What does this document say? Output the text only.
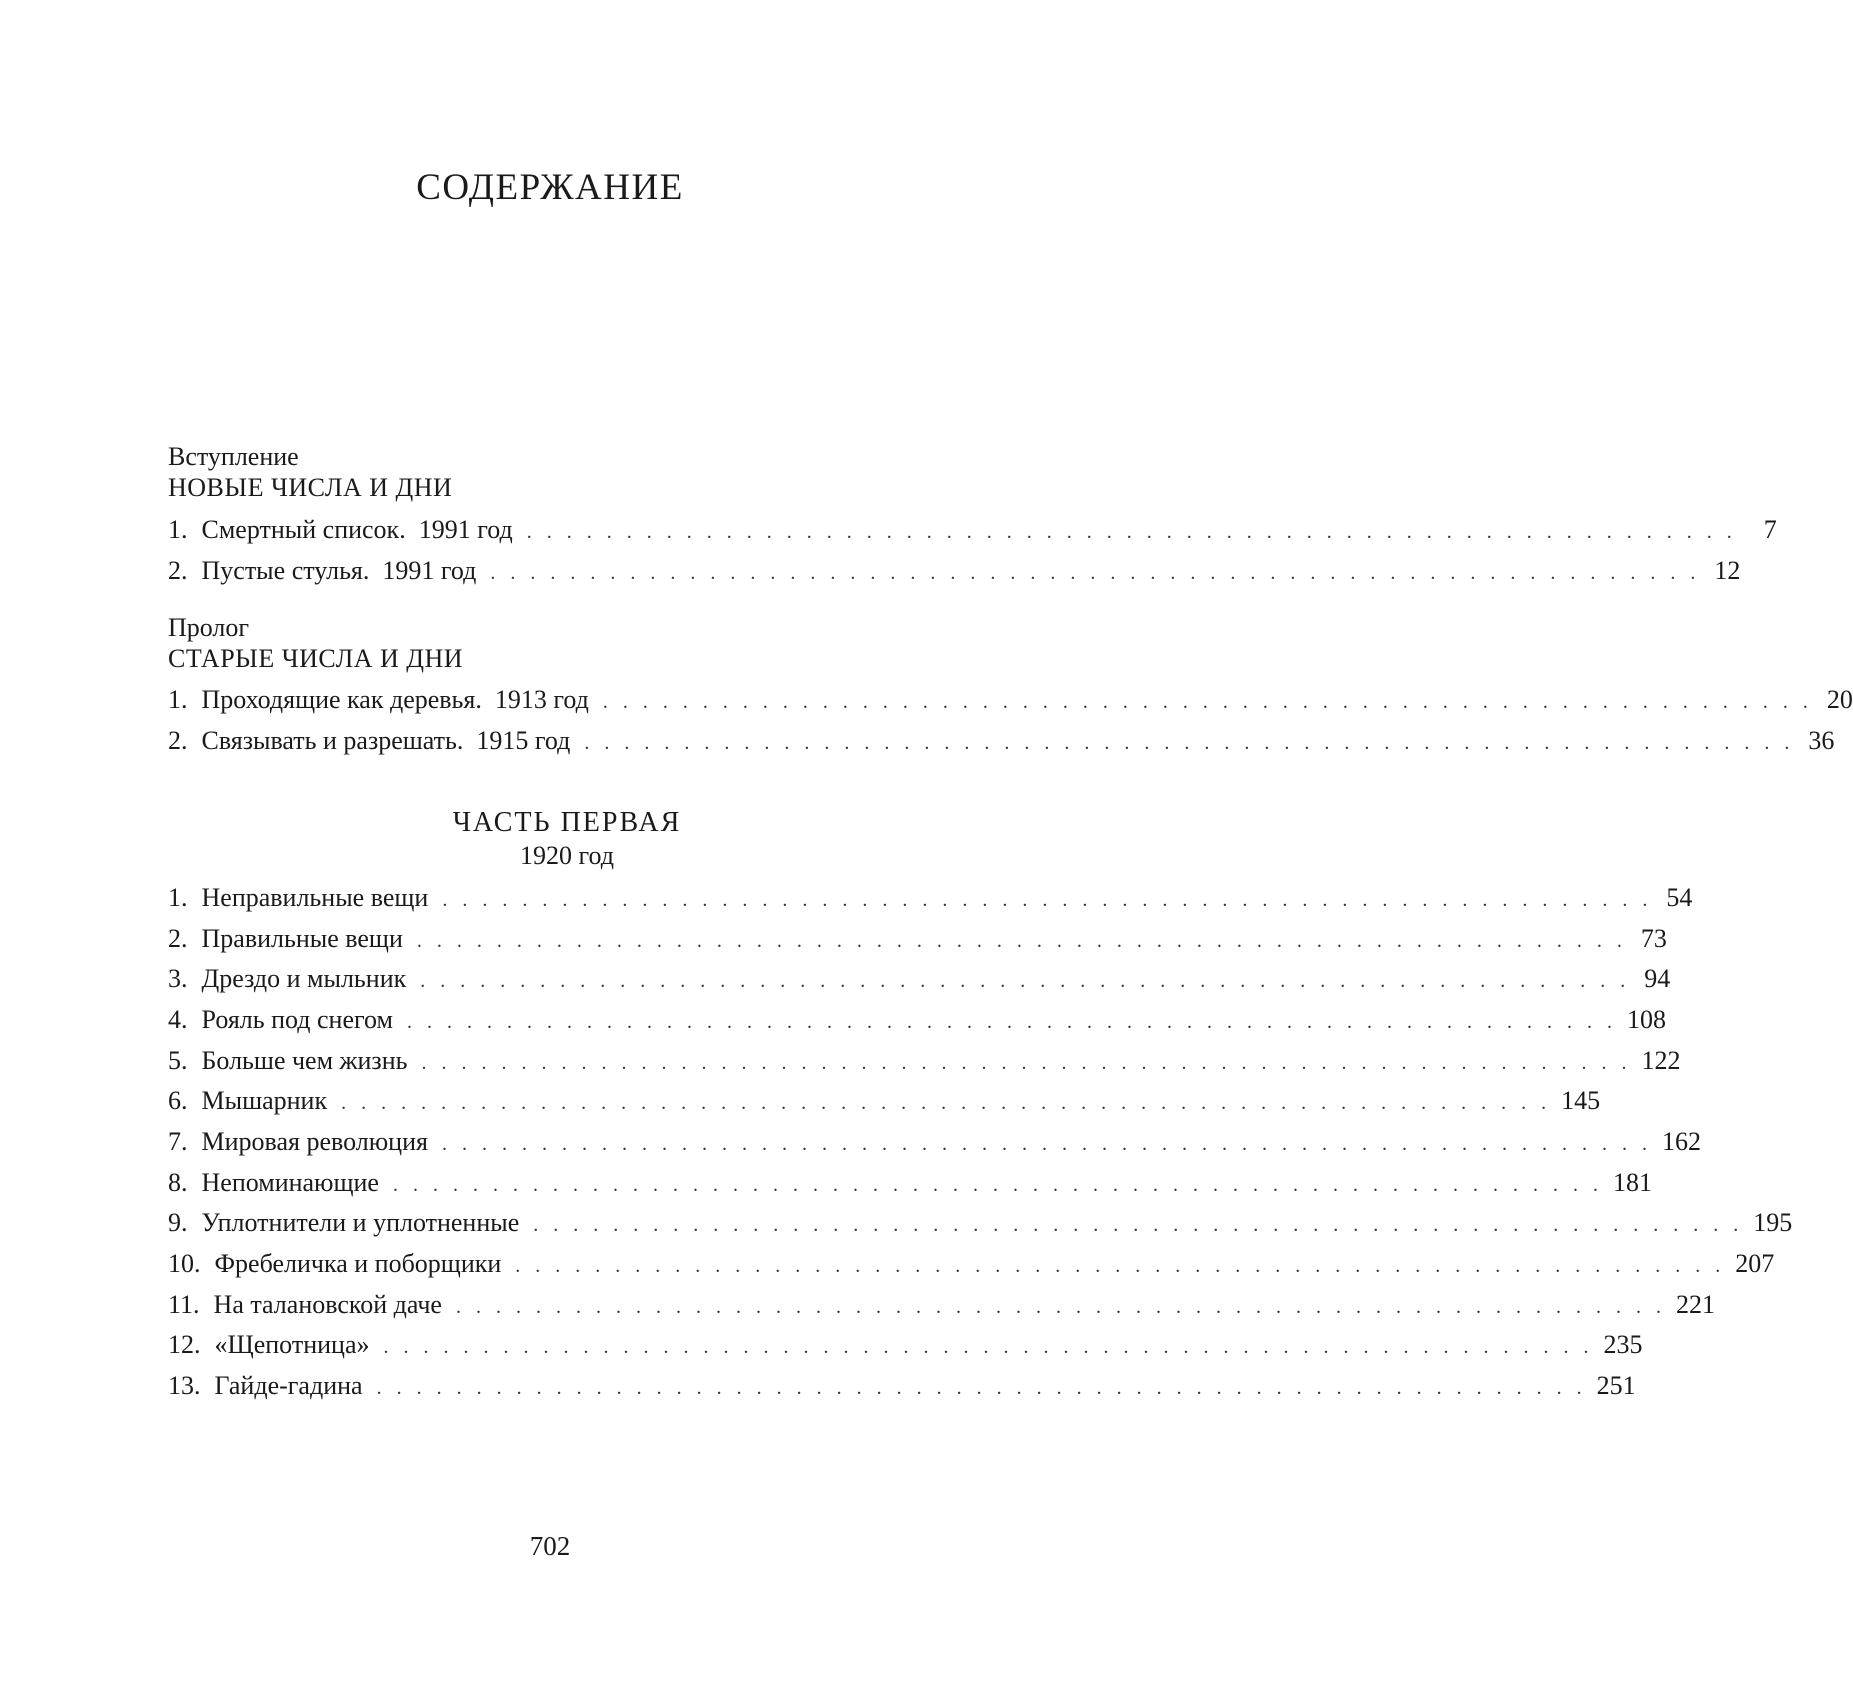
СОДЕРЖАНИЕ
Вступление
НОВЫЕ ЧИСЛА И ДНИ
1. Смертный список.  1991 год . . . . . . . . . . . . . . . . . . . . . . . . . . . . . . . . . . . . . . . . . . . . . . . . . . . . . . . . . . . . .	7
2. Пустые стулья.  1991 год . . . . . . . . . . . . . . . . . . . . . . . . . . . . . . . . . . . . . . . . . . . . . . . . . . . . . . . . . . . . . 12
Пролог
СТАРЫЕ ЧИСЛА И ДНИ
1. Проходящие как деревья.  1913 год . . . . . . . . . . . . . . . . . . . . . . . . . . . . . . . . . . . . . . . . . . . . . . . . . . . . . . . . . . . . . 20
2. Связывать и разрешать.  1915 год . . . . . . . . . . . . . . . . . . . . . . . . . . . . . . . . . . . . . . . . . . . . . . . . . . . . . . . . . . . . . 36
ЧАСТЬ ПЕРВАЯ
1920 год
1. Неправильные вещи . . . . . . . . . . . . . . . . . . . . . . . . . . . . . . . . . . . . . . . . . . . . . . . . . . . . . . . . . . . . . 54
2. Правильные вещи . . . . . . . . . . . . . . . . . . . . . . . . . . . . . . . . . . . . . . . . . . . . . . . . . . . . . . . . . . . . . 73
3. Дрездо и мыльник . . . . . . . . . . . . . . . . . . . . . . . . . . . . . . . . . . . . . . . . . . . . . . . . . . . . . . . . . . . . . 94
4. Рояль под снегом . . . . . . . . . . . . . . . . . . . . . . . . . . . . . . . . . . . . . . . . . . . . . . . . . . . . . . . . . . . . . 108
5. Больше чем жизнь . . . . . . . . . . . . . . . . . . . . . . . . . . . . . . . . . . . . . . . . . . . . . . . . . . . . . . . . . . . . . 122
6. Мышарник . . . . . . . . . . . . . . . . . . . . . . . . . . . . . . . . . . . . . . . . . . . . . . . . . . . . . . . . . . . . . 145
7. Мировая революция . . . . . . . . . . . . . . . . . . . . . . . . . . . . . . . . . . . . . . . . . . . . . . . . . . . . . . . . . . . . . 162
8. Непоминающие . . . . . . . . . . . . . . . . . . . . . . . . . . . . . . . . . . . . . . . . . . . . . . . . . . . . . . . . . . . . . 181
9. Уплотнители и уплотненные . . . . . . . . . . . . . . . . . . . . . . . . . . . . . . . . . . . . . . . . . . . . . . . . . . . . . . . . . . . . . 195
10. Фребеличка и поборщики . . . . . . . . . . . . . . . . . . . . . . . . . . . . . . . . . . . . . . . . . . . . . . . . . . . . . . . . . . . . . 207
11. На талановской даче . . . . . . . . . . . . . . . . . . . . . . . . . . . . . . . . . . . . . . . . . . . . . . . . . . . . . . . . . . . . . 221
12. «Щепотница» . . . . . . . . . . . . . . . . . . . . . . . . . . . . . . . . . . . . . . . . . . . . . . . . . . . . . . . . . . . . . 235
13. Гайде-гадина . . . . . . . . . . . . . . . . . . . . . . . . . . . . . . . . . . . . . . . . . . . . . . . . . . . . . . . . . . . . . 251
702
